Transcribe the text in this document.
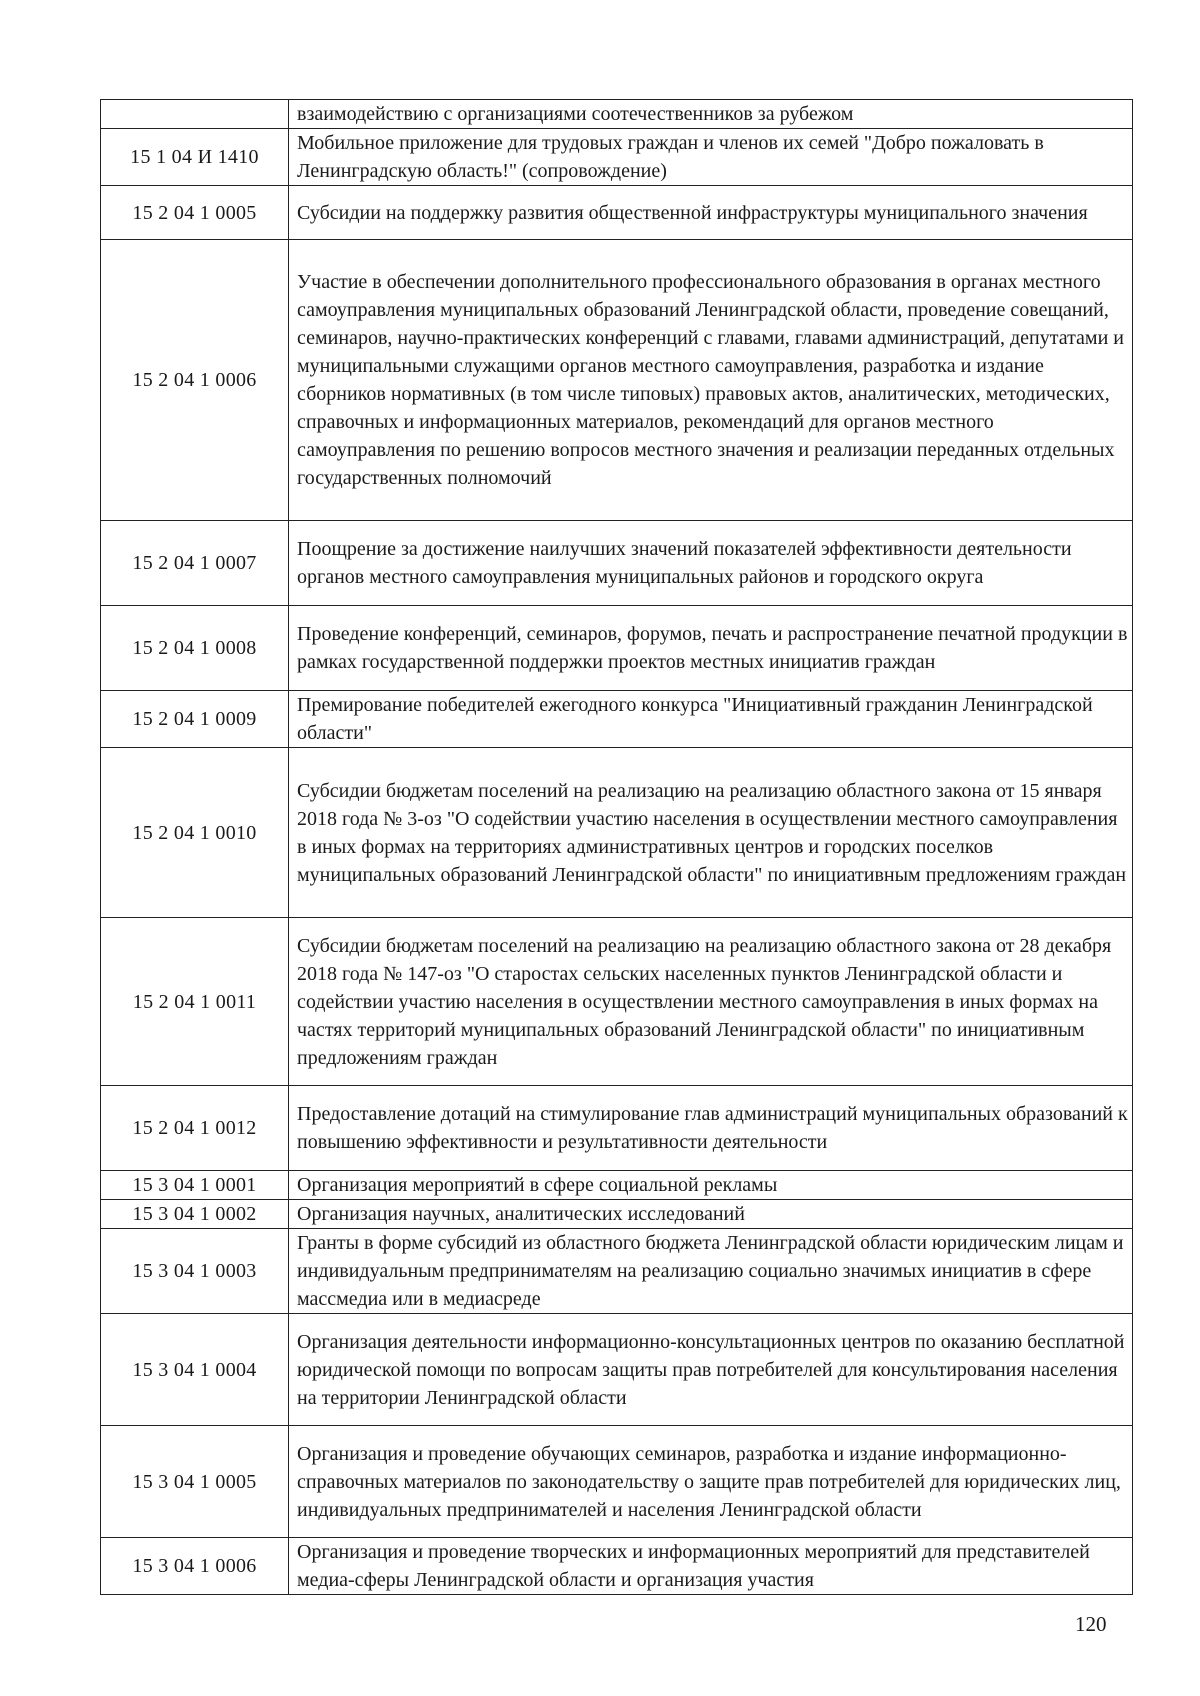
	взаимодействию с организациями соотечественников за рубежом
15 1 04 И 1410	Мобильное приложение для трудовых граждан и членов их семей "Добро пожаловать в Ленинградскую область!" (сопровождение)
15 2 04 1 0005	Субсидии на поддержку развития общественной инфраструктуры муниципального значения
15 2 04 1 0006	Участие в обеспечении дополнительного профессионального образования в органах местного самоуправления муниципальных образований Ленинградской области, проведение совещаний, семинаров, научно-практических конференций с главами, главами администраций, депутатами и муниципальными служащими органов местного самоуправления, разработка и издание сборников нормативных (в том числе типовых) правовых актов, аналитических, методических, справочных и информационных материалов, рекомендаций для органов местного самоуправления по решению вопросов местного значения и реализации переданных отдельных государственных полномочий
15 2 04 1 0007	Поощрение за достижение наилучших значений показателей эффективности деятельности органов местного самоуправления муниципальных районов и городского округа
15 2 04 1 0008	Проведение конференций, семинаров, форумов, печать и распространение печатной продукции в рамках государственной поддержки проектов местных инициатив граждан
15 2 04 1 0009	Премирование победителей ежегодного конкурса "Инициативный гражданин Ленинградской области"
15 2 04 1 0010	Субсидии бюджетам поселений на реализацию на реализацию областного закона от 15 января 2018 года № 3-оз "О содействии участию населения в осуществлении местного самоуправления в иных формах на территориях административных центров и городских поселков муниципальных образований Ленинградской области" по инициативным предложениям граждан
15 2 04 1 0011	Субсидии бюджетам поселений на реализацию на реализацию областного закона от 28 декабря 2018 года № 147-оз "О старостах сельских населенных пунктов Ленинградской области и содействии участию населения в осуществлении местного самоуправления в иных формах на частях территорий муниципальных образований Ленинградской области" по инициативным предложениям граждан
15 2 04 1 0012	Предоставление дотаций на стимулирование глав администраций муниципальных образований к повышению эффективности и результативности деятельности
15 3 04 1 0001	Организация мероприятий в сфере социальной рекламы
15 3 04 1 0002	Организация научных, аналитических исследований
15 3 04 1 0003	Гранты в форме субсидий из областного бюджета Ленинградской области юридическим лицам и индивидуальным предпринимателям на реализацию социально значимых инициатив в сфере массмедиа или в медиасреде
15 3 04 1 0004	Организация деятельности информационно-консультационных центров по оказанию бесплатной юридической помощи по вопросам защиты прав потребителей для консультирования населения на территории Ленинградской области
15 3 04 1 0005	Организация и проведение обучающих семинаров, разработка и издание информационно-справочных материалов по законодательству о защите прав потребителей для юридических лиц, индивидуальных предпринимателей и населения Ленинградской области
15 3 04 1 0006	Организация и проведение творческих и информационных мероприятий для представителей медиа-сферы Ленинградской области и организация участия
120
